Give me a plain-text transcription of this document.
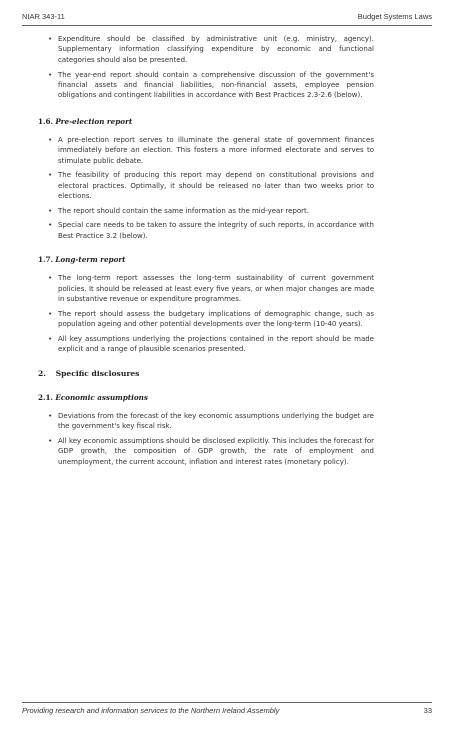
NIAR 343-11	Budget Systems Laws
• Expenditure should be classified by administrative unit (e.g. ministry, agency). Supplementary information classifying expenditure by economic and functional categories should also be presented.
• The year-end report should contain a comprehensive discussion of the government's financial assets and financial liabilities, non-financial assets, employee pension obligations and contingent liabilities in accordance with Best Practices 2.3-2.6 (below).

1.6. Pre-election report

• A pre-election report serves to illuminate the general state of government finances immediately before an election. This fosters a more informed electorate and serves to stimulate public debate.
• The feasibility of producing this report may depend on constitutional provisions and electoral practices. Optimally, it should be released no later than two weeks prior to elections.
• The report should contain the same information as the mid-year report.
• Special care needs to be taken to assure the integrity of such reports, in accordance with Best Practice 3.2 (below).

1.7. Long-term report

• The long-term report assesses the long-term sustainability of current government policies. It should be released at least every five years, or when major changes are made in substantive revenue or expenditure programmes.
• The report should assess the budgetary implications of demographic change, such as population ageing and other potential developments over the long-term (10-40 years).
• All key assumptions underlying the projections contained in the report should be made explicit and a range of plausible scenarios presented.

2. Specific disclosures

2.1. Economic assumptions

• Deviations from the forecast of the key economic assumptions underlying the budget are the government's key fiscal risk.
• All key economic assumptions should be disclosed explicitly. This includes the forecast for GDP growth, the composition of GDP growth, the rate of employment and unemployment, the current account, inflation and interest rates (monetary policy).
Providing research and information services to the Northern Ireland Assembly	33
